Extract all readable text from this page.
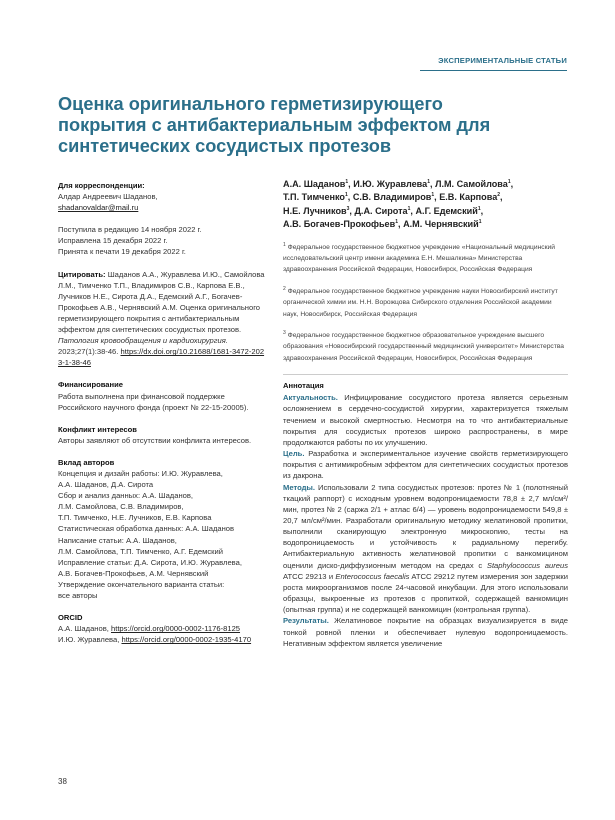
ЭКСПЕРИМЕНТАЛЬНЫЕ СТАТЬИ
Оценка оригинального герметизирующего покрытия с антибактериальным эффектом для синтетических сосудистых протезов
Для корреспонденции:
Алдар Андреевич Шаданов,
shadanovaldar@mail.ru
Поступила в редакцию 14 ноября 2022 г.
Исправлена 15 декабря 2022 г.
Принята к печати 19 декабря 2022 г.
Цитировать: Шаданов А.А., Журавлева И.Ю., Самойлова Л.М., Тимченко Т.П., Владимиров С.В., Карпова Е.В., Лучников Н.Е., Сирота Д.А., Едемский А.Г., Богачев-Прокофьев А.В., Чернявский А.М. Оценка оригинального герметизирующего покрытия с антибактериальным эффектом для синтетических сосудистых протезов. Патология кровообращения и кардиохирургия. 2023;27(1):38-46. https://dx.doi.org/10.21688/1681-3472-2023-1-38-46
Финансирование
Работа выполнена при финансовой поддержке Российского научного фонда (проект № 22-15-20005).
Конфликт интересов
Авторы заявляют об отсутствии конфликта интересов.
Вклад авторов
Концепция и дизайн работы: И.Ю. Журавлева,
А.А. Шаданов, Д.А. Сирота
Сбор и анализ данных: А.А. Шаданов,
Л.М. Самойлова, С.В. Владимиров,
Т.П. Тимченко, Н.Е. Лучников, Е.В. Карпова
Статистическая обработка данных: А.А. Шаданов
Написание статьи: А.А. Шаданов,
Л.М. Самойлова, Т.П. Тимченко, А.Г. Едемский
Исправление статьи: Д.А. Сирота, И.Ю. Журавлева,
А.В. Богачев-Прокофьев, А.М. Чернявский
Утверждение окончательного варианта статьи:
все авторы
ORCID
А.А. Шаданов, https://orcid.org/0000-0002-1176-8125
И.Ю. Журавлева, https://orcid.org/0000-0002-1935-4170
А.А. Шаданов$^1$, И.Ю. Журавлева$^1$, Л.М. Самойлова$^1$,
Т.П. Тимченко$^1$, С.В. Владимиров$^1$, Е.В. Карпова$^2$,
Н.Е. Лучников$^3$, Д.А. Сирота$^1$, А.Г. Едемский$^1$,
А.В. Богачев-Прокофьев$^1$, А.М. Чернявский$^1$

$^1$ Федеральное государственное бюджетное учреждение «Национальный медицинский исследовательский центр имени академика Е.Н. Мешалкина» Министерства здравоохранения Российской Федерации, Новосибирск, Российская Федерация

$^2$ Федеральное государственное бюджетное учреждение науки Новосибирский институт органической химии им. Н.Н. Ворожцова Сибирского отделения Российской академии наук, Новосибирск, Российская Федерация

$^3$ Федеральное государственное бюджетное образовательное учреждение высшего образования «Новосибирский государственный медицинский университет» Министерства здравоохранения Российской Федерации, Новосибирск, Российская Федерация

Аннотация

Актуальность. Инфицирование сосудистого протеза является серьезным осложнением в сердечно-сосудистой хирургии, характеризуется тяжелым течением и высокой смертностью. Несмотря на то что антибактериальные покрытия для сосудистых протезов широко распространены, в мире продолжаются работы по их улучшению.

Цель. Разработка и экспериментальное изучение свойств герметизирующего покрытия с антимикробным эффектом для синтетических сосудистых протезов из дакрона.

Методы. Использовали 2 типа сосудистых протезов: протез № 1 (полотняный ткацкий раппорт) с исходным уровнем водопроницаемости 78,8 ± 2,7 мл/см²/мин, протез № 2 (саржа 2/1 + атлас 6/4) — уровень водопроницаемости 549,8 ± 20,7 мл/см²/мин. Разработали оригинальную методику желатиновой пропитки, выполнили сканирующую электронную микроскопию, тесты на водопроницаемость и устойчивость к радиальному перегибу. Антибактериальную активность желатиновой пропитки с ванкомицином оценили диско-диффузионным методом на средах с Staphylococcus aureus ATCC 29213 и Enterococcus faecalis ATCC 29212 путем измерения зон задержки роста микроорганизмов после 24-часовой инкубации. Для этого использовали образцы, выкроенные из протезов с пропиткой, содержащей ванкомицин (опытная группа) и не содержащей ванкомицин (контрольная группа).

Результаты. Желатиновое покрытие на образцах визуализируется в виде тонкой ровной пленки и обеспечивает нулевую водопроницаемость. Негативным эффектом является увеличение

38
